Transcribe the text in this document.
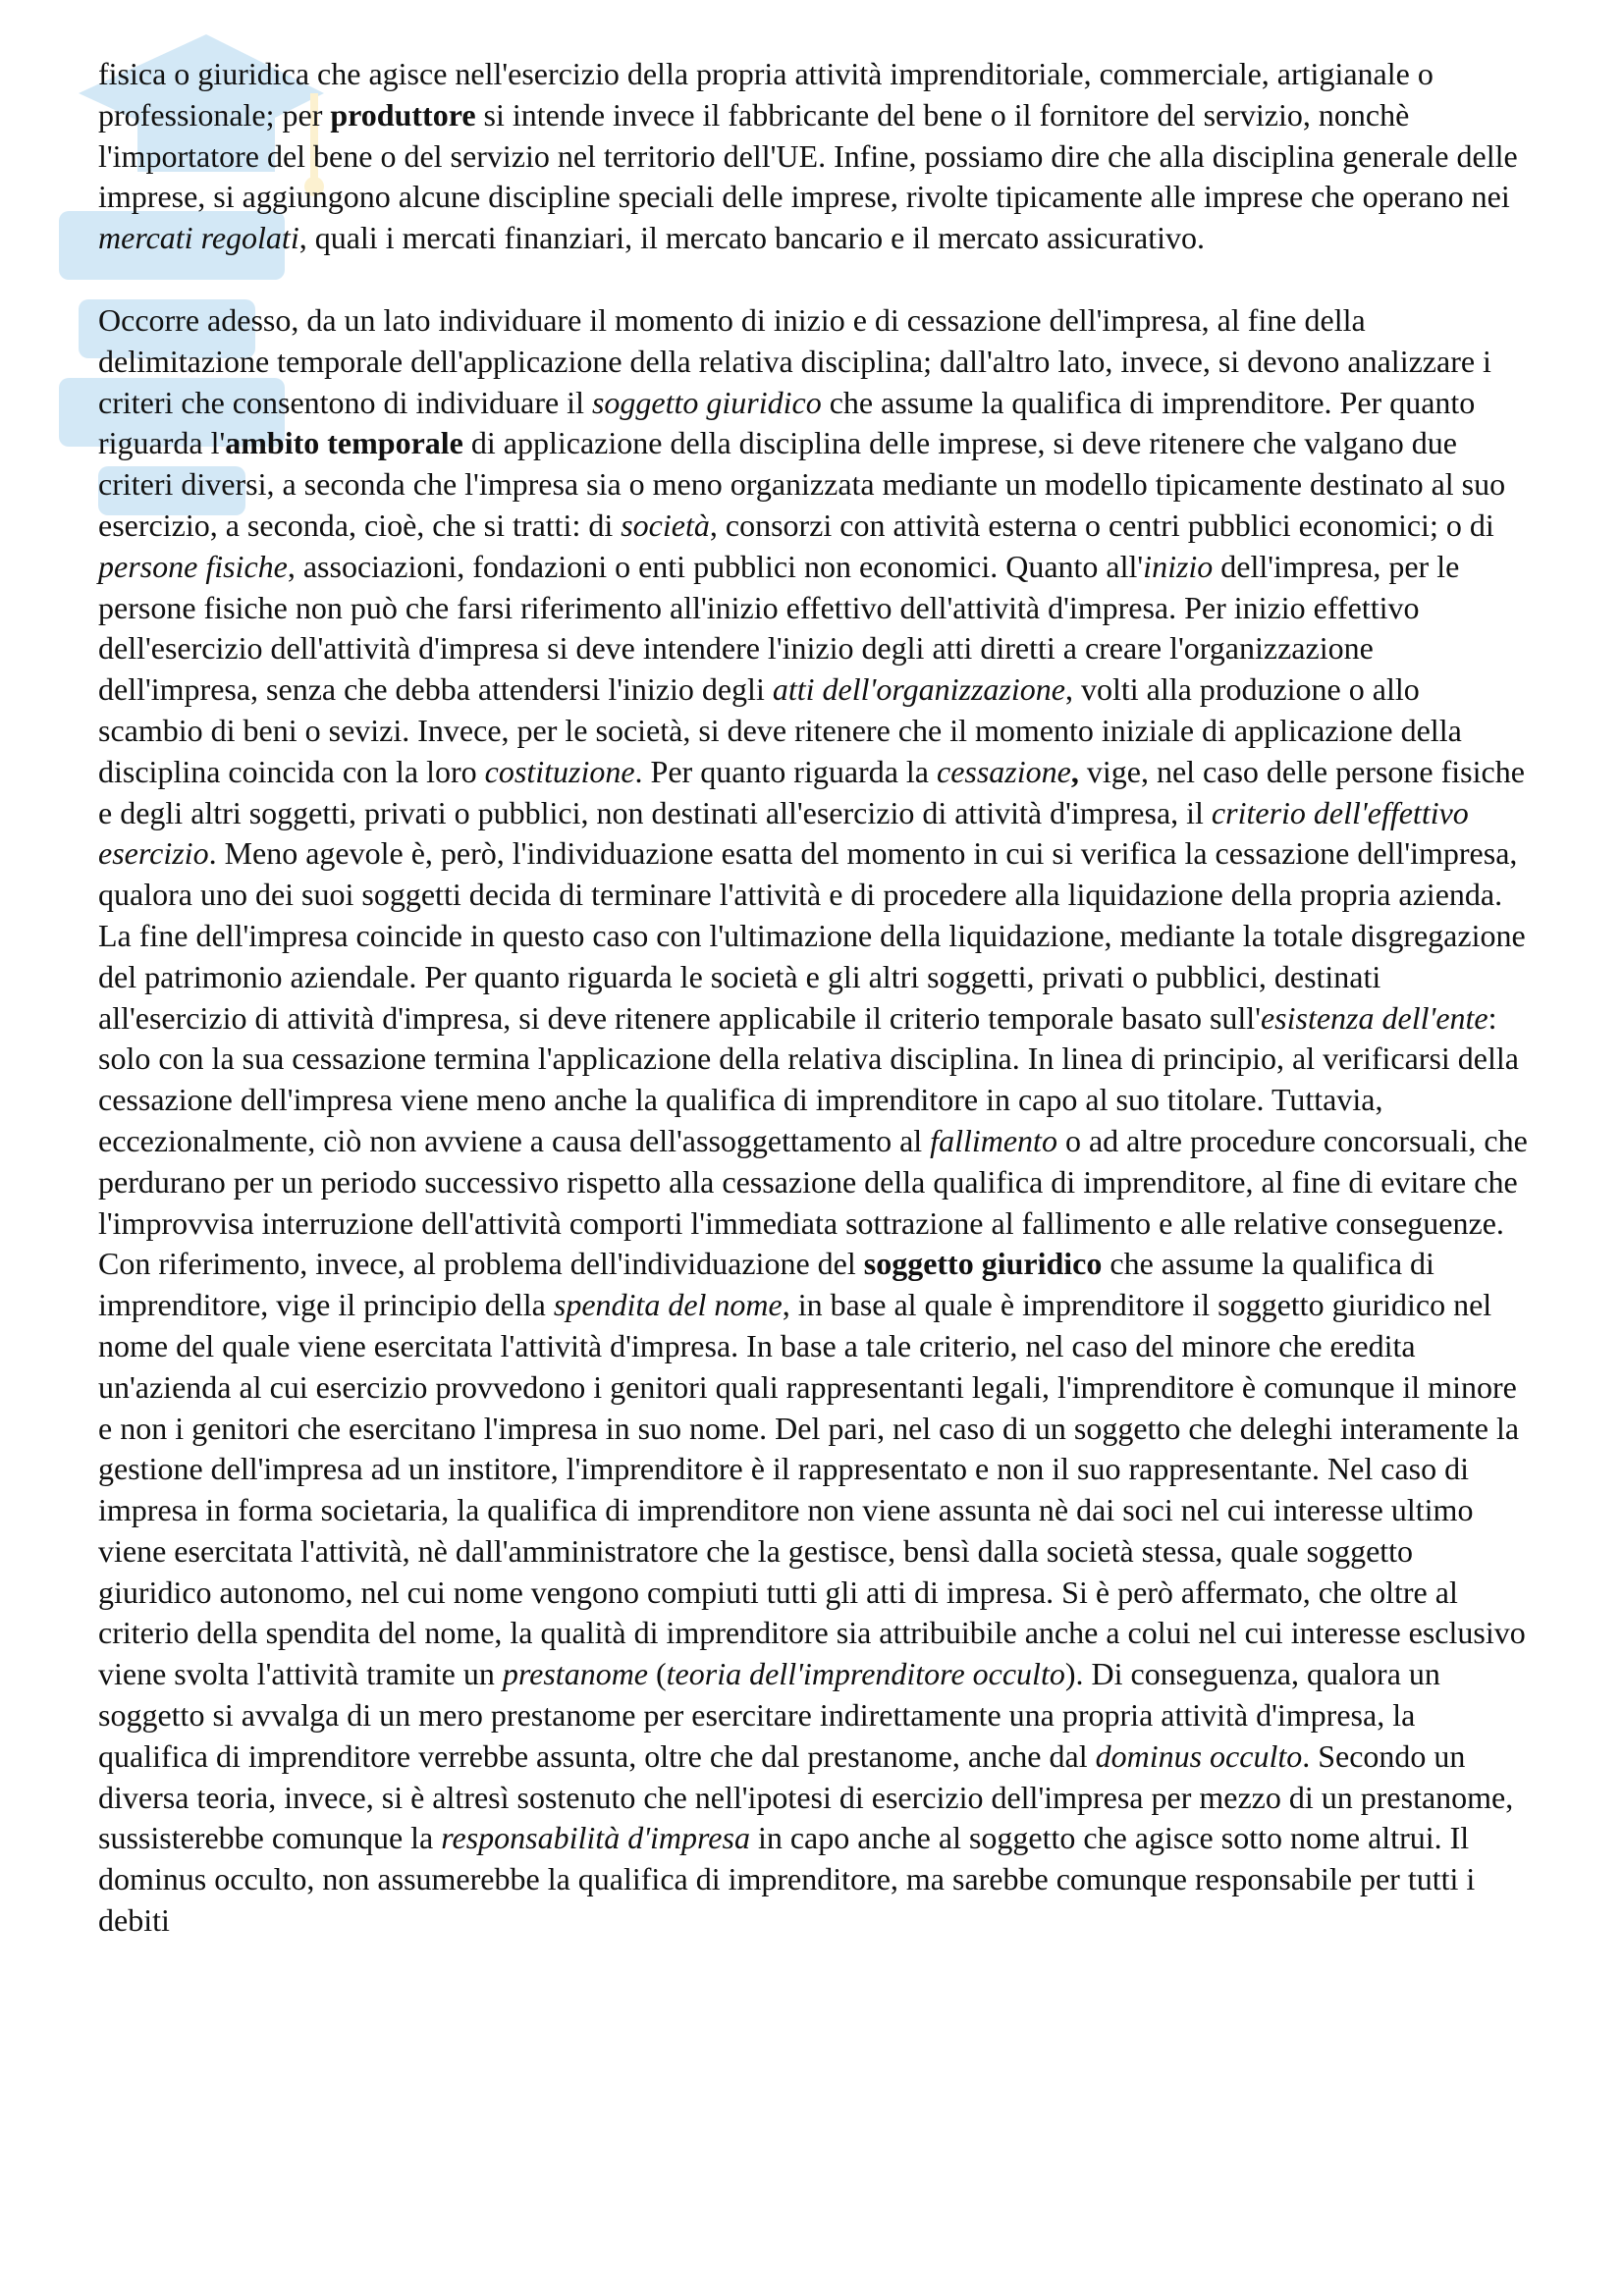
fisica o giuridica che agisce nell'esercizio della propria attività imprenditoriale, commerciale, artigianale o professionale; per produttore si intende invece il fabbricante del bene o il fornitore del servizio, nonchè l'importatore del bene o del servizio nel territorio dell'UE. Infine, possiamo dire che alla disciplina generale delle imprese, si aggiungono alcune discipline speciali delle imprese, rivolte tipicamente alle imprese che operano nei mercati regolati, quali i mercati finanziari, il mercato bancario e il mercato assicurativo.

Occorre adesso, da un lato individuare il momento di inizio e di cessazione dell'impresa, al fine della delimitazione temporale dell'applicazione della relativa disciplina; dall'altro lato, invece, si devono analizzare i criteri che consentono di individuare il soggetto giuridico che assume la qualifica di imprenditore. Per quanto riguarda l'ambito temporale di applicazione della disciplina delle imprese, si deve ritenere che valgano due criteri diversi, a seconda che l'impresa sia o meno organizzata mediante un modello tipicamente destinato al suo esercizio, a seconda, cioè, che si tratti: di società, consorzi con attività esterna o centri pubblici economici; o di persone fisiche, associazioni, fondazioni o enti pubblici non economici. Quanto all'inizio dell'impresa, per le persone fisiche non può che farsi riferimento all'inizio effettivo dell'attività d'impresa. Per inizio effettivo dell'esercizio dell'attività d'impresa si deve intendere l'inizio degli atti diretti a creare l'organizzazione dell'impresa, senza che debba attendersi l'inizio degli atti dell'organizzazione, volti alla produzione o allo scambio di beni o sevizi. Invece, per le società, si deve ritenere che il momento iniziale di applicazione della disciplina coincida con la loro costituzione. Per quanto riguarda la cessazione, vige, nel caso delle persone fisiche e degli altri soggetti, privati o pubblici, non destinati all'esercizio di attività d'impresa, il criterio dell'effettivo esercizio. Meno agevole è, però, l'individuazione esatta del momento in cui si verifica la cessazione dell'impresa, qualora uno dei suoi soggetti decida di terminare l'attività e di procedere alla liquidazione della propria azienda. La fine dell'impresa coincide in questo caso con l'ultimazione della liquidazione, mediante la totale disgregazione del patrimonio aziendale. Per quanto riguarda le società e gli altri soggetti, privati o pubblici, destinati all'esercizio di attività d'impresa, si deve ritenere applicabile il criterio temporale basato sull'esistenza dell'ente: solo con la sua cessazione termina l'applicazione della relativa disciplina. In linea di principio, al verificarsi della cessazione dell'impresa viene meno anche la qualifica di imprenditore in capo al suo titolare. Tuttavia, eccezionalmente, ciò non avviene a causa dell'assoggettamento al fallimento o ad altre procedure concorsuali, che perdurano per un periodo successivo rispetto alla cessazione della qualifica di imprenditore, al fine di evitare che l'improvvisa interruzione dell'attività comporti l'immediata sottrazione al fallimento e alle relative conseguenze. Con riferimento, invece, al problema dell'individuazione del soggetto giuridico che assume la qualifica di imprenditore, vige il principio della spendita del nome, in base al quale è imprenditore il soggetto giuridico nel nome del quale viene esercitata l'attività d'impresa. In base a tale criterio, nel caso del minore che eredita un'azienda al cui esercizio provvedono i genitori quali rappresentanti legali, l'imprenditore è comunque il minore e non i genitori che esercitano l'impresa in suo nome. Del pari, nel caso di un soggetto che deleghi interamente la gestione dell'impresa ad un institore, l'imprenditore è il rappresentato e non il suo rappresentante. Nel caso di impresa in forma societaria, la qualifica di imprenditore non viene assunta nè dai soci nel cui interesse ultimo viene esercitata l'attività, nè dall'amministratore che la gestisce, bensì dalla società stessa, quale soggetto giuridico autonomo, nel cui nome vengono compiuti tutti gli atti di impresa. Si è però affermato, che oltre al criterio della spendita del nome, la qualità di imprenditore sia attribuibile anche a colui nel cui interesse esclusivo viene svolta l'attività tramite un prestanome (teoria dell'imprenditore occulto). Di conseguenza, qualora un soggetto si avvalga di un mero prestanome per esercitare indirettamente una propria attività d'impresa, la qualifica di imprenditore verrebbe assunta, oltre che dal prestanome, anche dal dominus occulto. Secondo un diversa teoria, invece, si è altresì sostenuto che nell'ipotesi di esercizio dell'impresa per mezzo di un prestanome, sussisterebbe comunque la responsabilità d'impresa in capo anche al soggetto che agisce sotto nome altrui. Il dominus occulto, non assumerebbe la qualifica di imprenditore, ma sarebbe comunque responsabile per tutti i debiti
